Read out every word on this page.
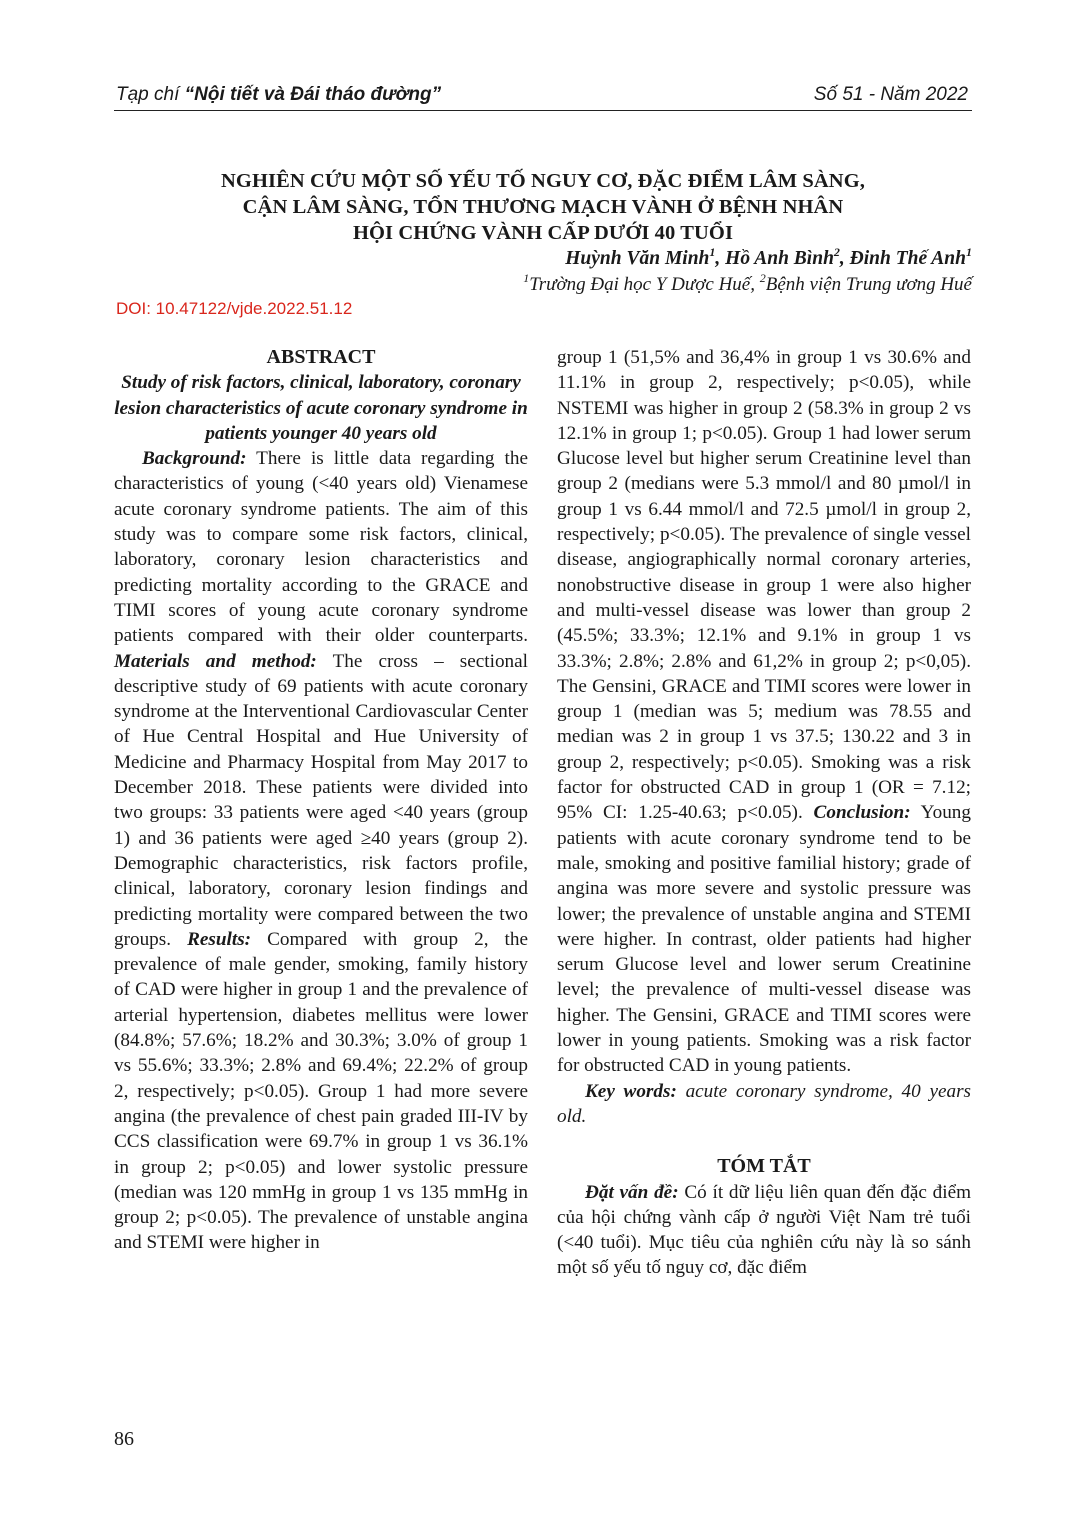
Tạp chí “Nội tiết và Đái tháo đường”	Số 51 - Năm 2022
NGHIÊN CỨU MỘT SỐ YẾU TỐ NGUY CƠ, ĐẶC ĐIỂM LÂM SÀNG,
CẬN LÂM SÀNG, TỔN THƯƠNG MẠCH VÀNH Ở BỆNH NHÂN
HỘI CHỨNG VÀNH CẤP DƯỚI 40 TUỔI
Huỳnh Văn Minh$^1$, Hồ Anh Bình$^2$, Đinh Thế Anh$^1$
$^1$Trường Đại học Y Dược Huế, $^2$Bệnh viện Trung ương Huế
DOI: 10.47122/vjde.2022.51.12

ABSTRACT

Study of risk factors, clinical, laboratory, coronary lesion characteristics of acute coronary syndrome in patients younger 40 years old

Background: There is little data regarding the characteristics of young (<40 years old) Vienamese acute coronary syndrome patients. The aim of this study was to compare some risk factors, clinical, laboratory, coronary lesion characteristics and predicting mortality according to the GRACE and TIMI scores of young acute coronary syndrome patients compared with their older counterparts. Materials and method: The cross – sectional descriptive study of 69 patients with acute coronary syndrome at the Interventional Cardiovascular Center of Hue Central Hospital and Hue University of Medicine and Pharmacy Hospital from May 2017 to December 2018. These patients were divided into two groups: 33 patients were aged <40 years (group 1) and 36 patients were aged ≥40 years (group 2). Demographic characteristics, risk factors profile, clinical, laboratory, coronary lesion findings and predicting mortality were compared between the two groups. Results: Compared with group 2, the prevalence of male gender, smoking, family history of CAD were higher in group 1 and the prevalence of arterial hypertension, diabetes mellitus were lower (84.8%; 57.6%; 18.2% and 30.3%; 3.0% of group 1 vs 55.6%; 33.3%; 2.8% and 69.4%; 22.2% of group 2, respectively; p<0.05). Group 1 had more severe angina (the prevalence of chest pain graded III-IV by CCS classification were 69.7% in group 1 vs 36.1% in group 2; p<0.05) and lower systolic pressure (median was 120 mmHg in group 1 vs 135 mmHg in group 2; p<0.05). The prevalence of unstable angina and STEMI were higher in

group 1 (51,5% and 36,4% in group 1 vs 30.6% and 11.1% in group 2, respectively; p<0.05), while NSTEMI was higher in group 2 (58.3% in group 2 vs 12.1% in group 1; p<0.05). Group 1 had lower serum Glucose level but higher serum Creatinine level than group 2 (medians were 5.3 mmol/l and 80 µmol/l in group 1 vs 6.44 mmol/l and 72.5 µmol/l in group 2, respectively; p<0.05). The prevalence of single vessel disease, angiographically normal coronary arteries, nonobstructive disease in group 1 were also higher and multi-vessel disease was lower than group 2 (45.5%; 33.3%; 12.1% and 9.1% in group 1 vs 33.3%; 2.8%; 2.8% and 61,2% in group 2; p<0,05). The Gensini, GRACE and TIMI scores were lower in group 1 (median was 5; medium was 78.55 and median was 2 in group 1 vs 37.5; 130.22 and 3 in group 2, respectively; p<0.05). Smoking was a risk factor for obstructed CAD in group 1 (OR = 7.12; 95% CI: 1.25-40.63; p<0.05). Conclusion: Young patients with acute coronary syndrome tend to be male, smoking and positive familial history; grade of angina was more severe and systolic pressure was lower; the prevalence of unstable angina and STEMI were higher. In contrast, older patients had higher serum Glucose level and lower serum Creatinine level; the prevalence of multi-vessel disease was higher. The Gensini, GRACE and TIMI scores were lower in young patients. Smoking was a risk factor for obstructed CAD in young patients.

Key words: acute coronary syndrome, 40 years old.

TÓM TẮT

Đặt vấn đề: Có ít dữ liệu liên quan đến đặc điểm của hội chứng vành cấp ở người Việt Nam trẻ tuổi (<40 tuổi). Mục tiêu của nghiên cứu này là so sánh một số yếu tố nguy cơ, đặc điểm

86
